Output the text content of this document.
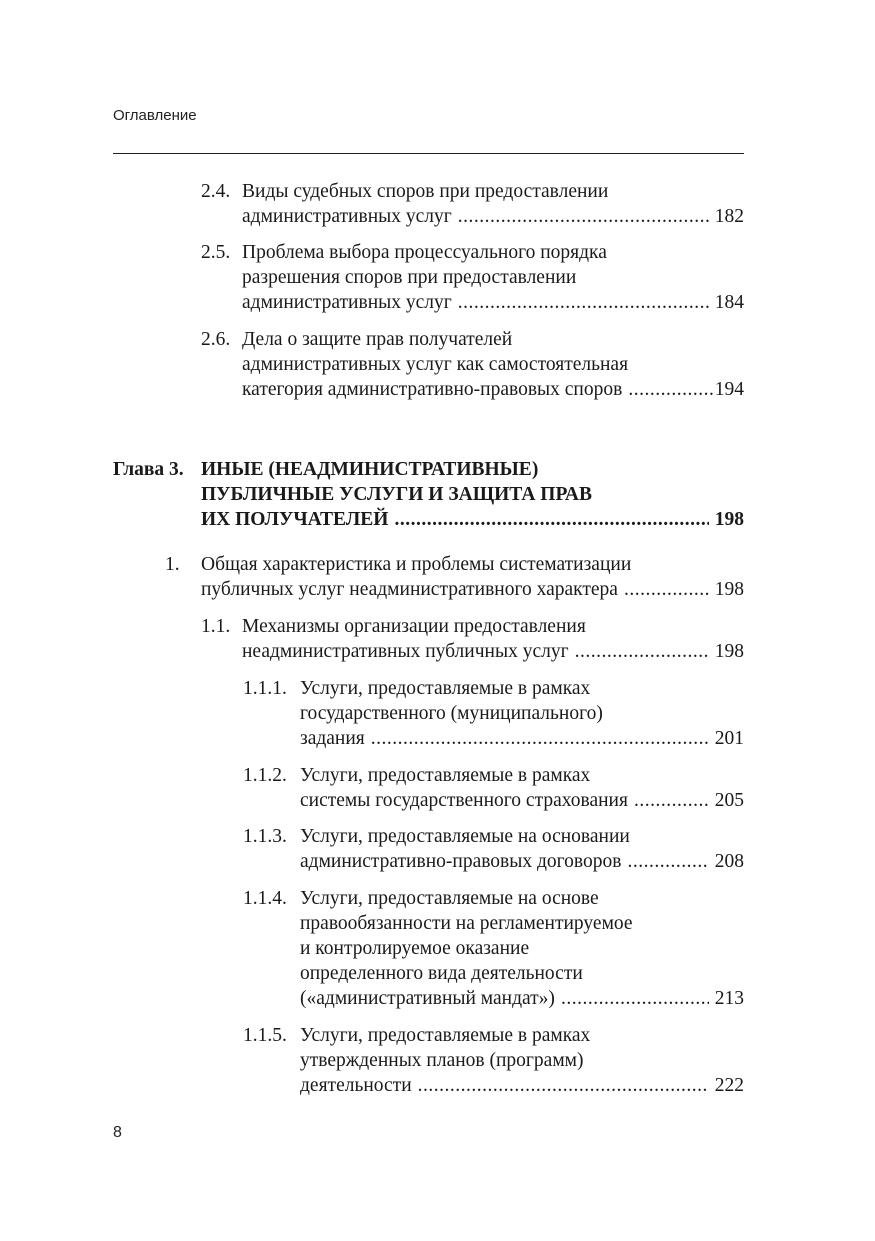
Оглавление
2.4. Виды судебных споров при предоставлении
административных услуг .....	182
2.5. Проблема выбора процессуального порядка
разрешения споров при предоставлении
административных услуг .....	184
2.6. Дела о защите прав получателей
административных услуг как самостоятельная
категория административно-правовых споров .....	194
Глава 3. ИНЫЕ (НЕАДМИНИСТРАТИВНЫЕ)
ПУБЛИЧНЫЕ УСЛУГИ И ЗАЩИТА ПРАВ
ИХ ПОЛУЧАТЕЛЕЙ .....	198
1. Общая характеристика и проблемы систематизации
публичных услуг неадминистративного характера .....	198
1.1. Механизмы организации предоставления
неадминистративных публичных услуг .....	198
1.1.1. Услуги, предоставляемые в рамках
государственного (муниципального)
задания .....	201
1.1.2. Услуги, предоставляемые в рамках
системы государственного страхования .....	205
1.1.3. Услуги, предоставляемые на основании
административно-правовых договоров .....	208
1.1.4. Услуги, предоставляемые на основе
правообязанности на регламентируемое
и контролируемое оказание
определенного вида деятельности
(«административный мандат») .....	213
1.1.5. Услуги, предоставляемые в рамках
утвержденных планов (программ)
деятельности .....	222
8
